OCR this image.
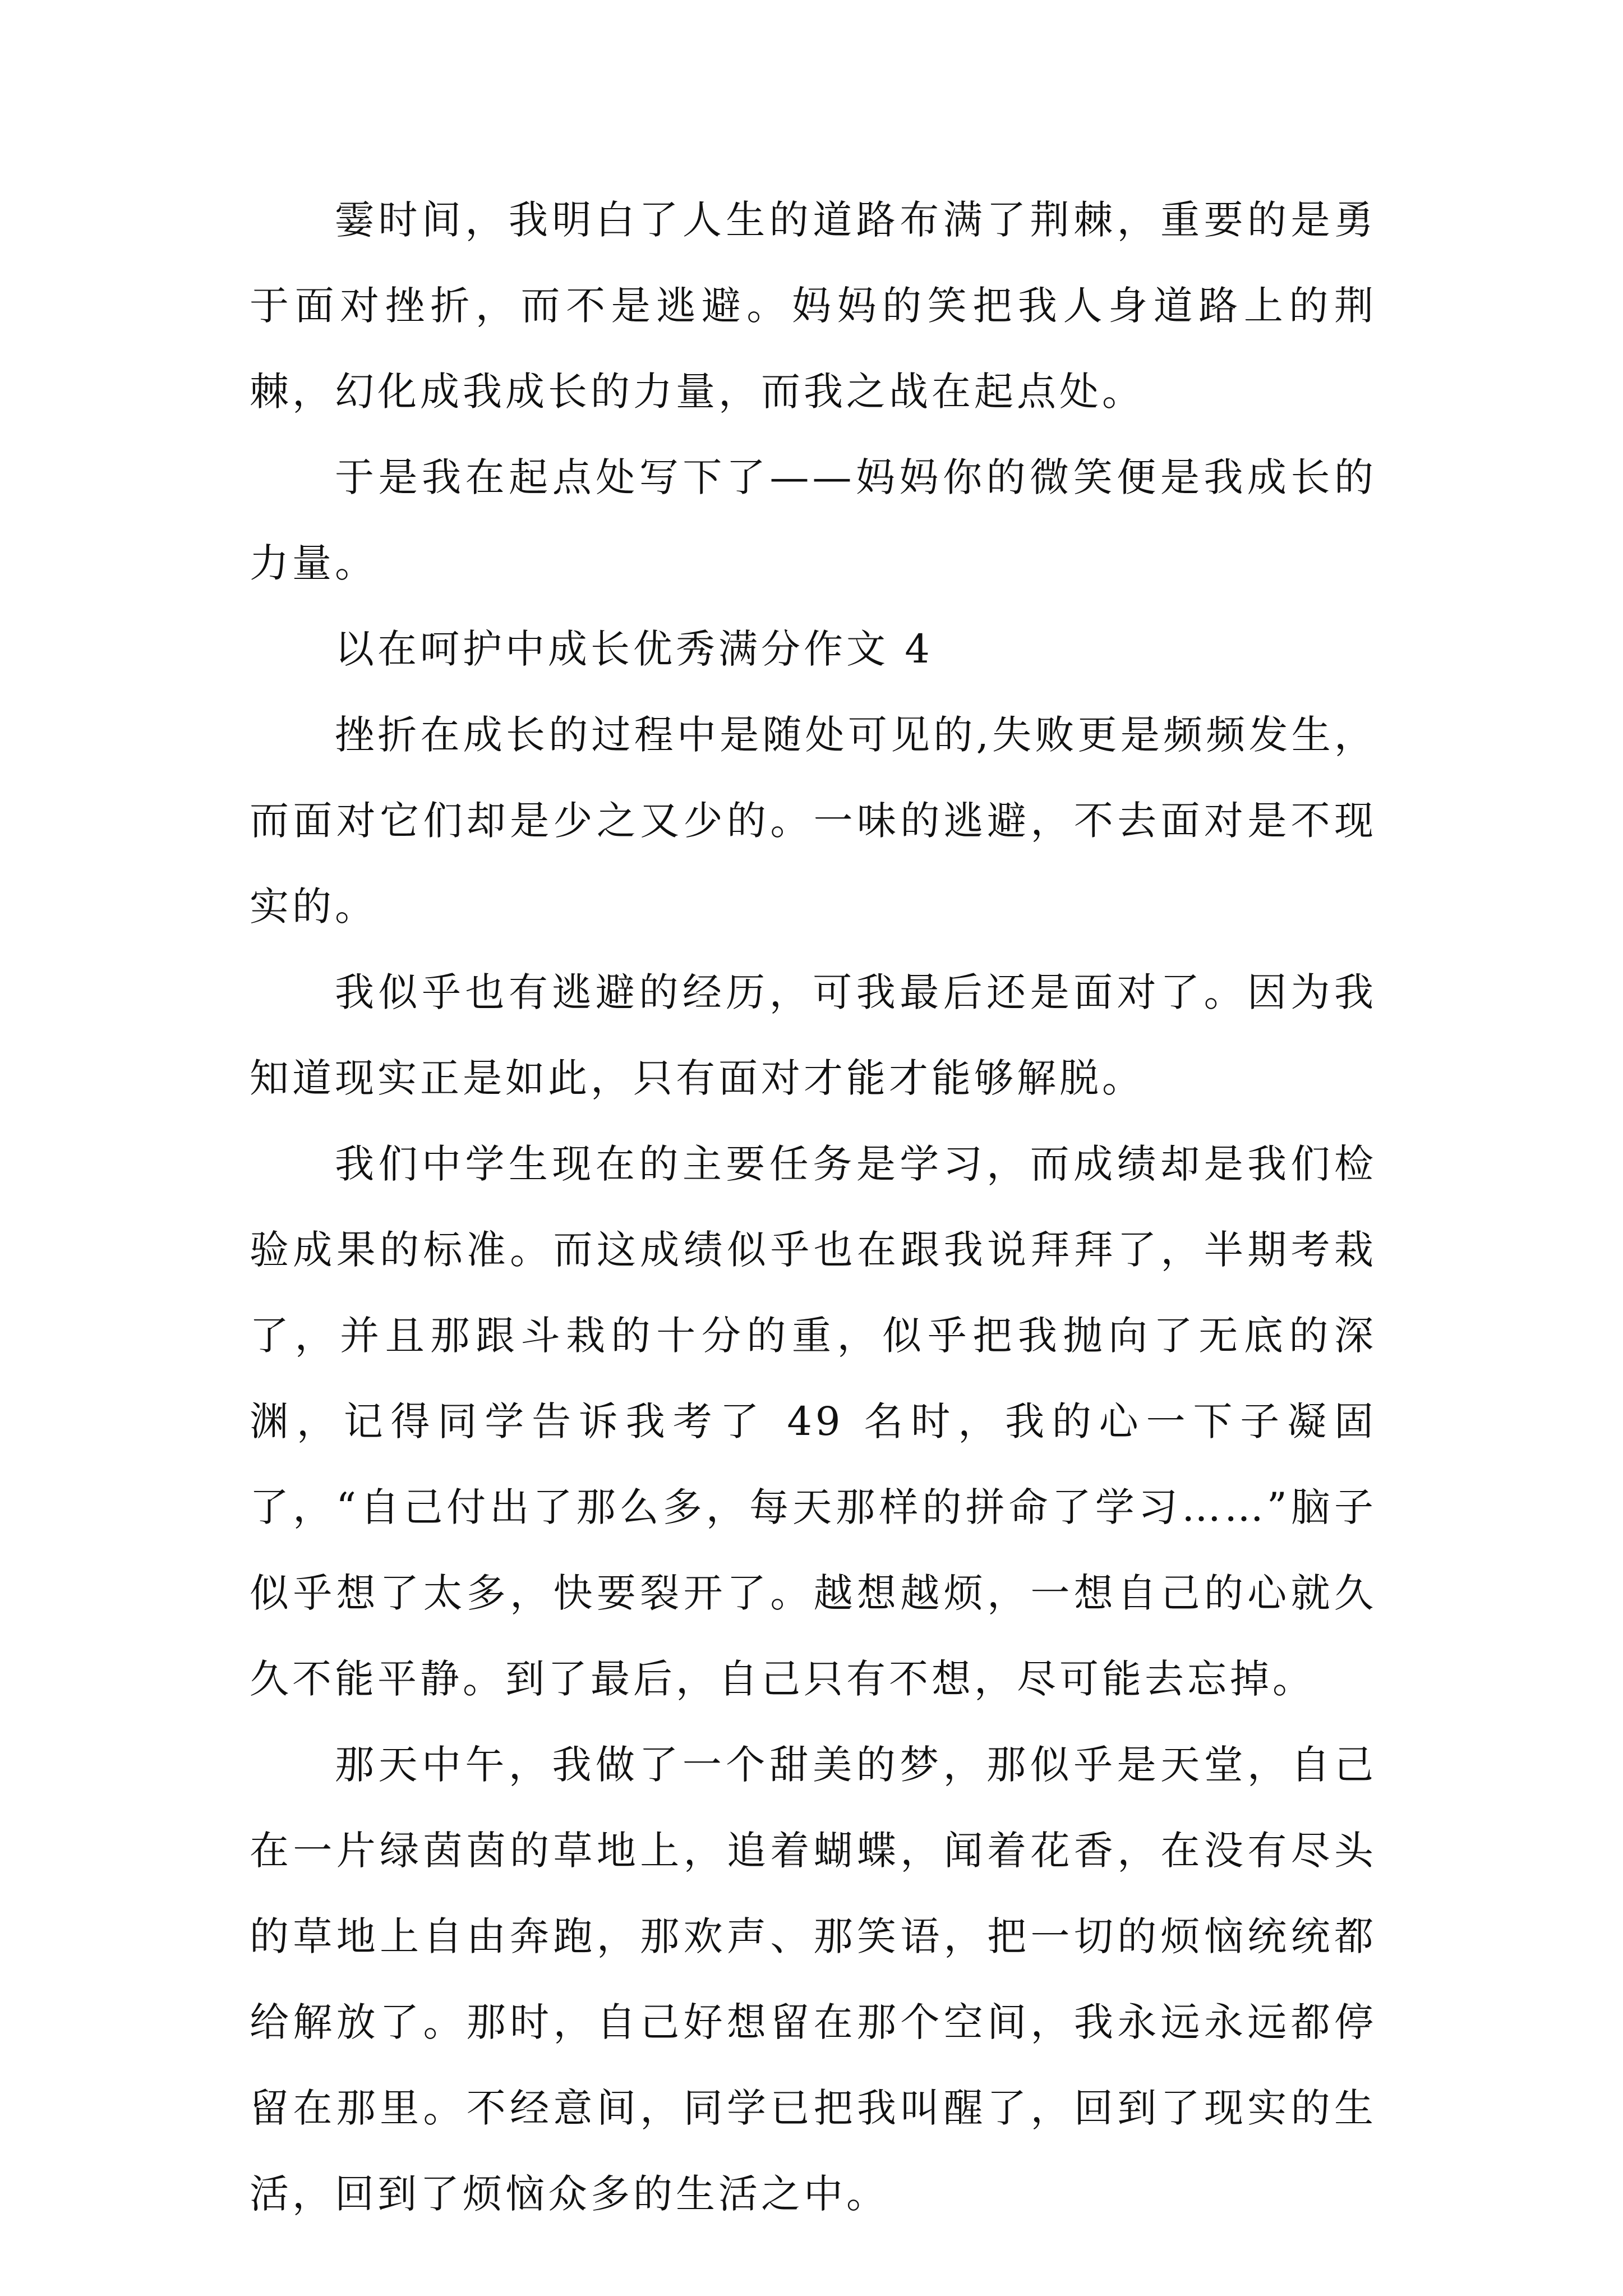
霎时间，我明白了人生的道路布满了荆棘，重要的是勇于面对挫折，而不是逃避。妈妈的笑把我人身道路上的荆棘，幻化成我成长的力量，而我之战在起点处。

于是我在起点处写下了——妈妈你的微笑便是我成长的力量。

以在呵护中成长优秀满分作文 4

挫折在成长的过程中是随处可见的,失败更是频频发生，而面对它们却是少之又少的。一味的逃避，不去面对是不现实的。

我似乎也有逃避的经历，可我最后还是面对了。因为我知道现实正是如此，只有面对才能才能够解脱。

我们中学生现在的主要任务是学习，而成绩却是我们检验成果的标准。而这成绩似乎也在跟我说拜拜了，半期考栽了，并且那跟斗栽的十分的重，似乎把我抛向了无底的深渊，记得同学告诉我考了 49 名时，我的心一下子凝固了，“自己付出了那么多，每天那样的拼命了学习……”脑子似乎想了太多，快要裂开了。越想越烦，一想自己的心就久久不能平静。到了最后，自己只有不想，尽可能去忘掉。

那天中午，我做了一个甜美的梦，那似乎是天堂，自己在一片绿茵茵的草地上，追着蝴蝶，闻着花香，在没有尽头的草地上自由奔跑，那欢声、那笑语，把一切的烦恼统统都给解放了。那时，自己好想留在那个空间，我永远永远都停留在那里。不经意间，同学已把我叫醒了，回到了现实的生活，回到了烦恼众多的生活之中。
